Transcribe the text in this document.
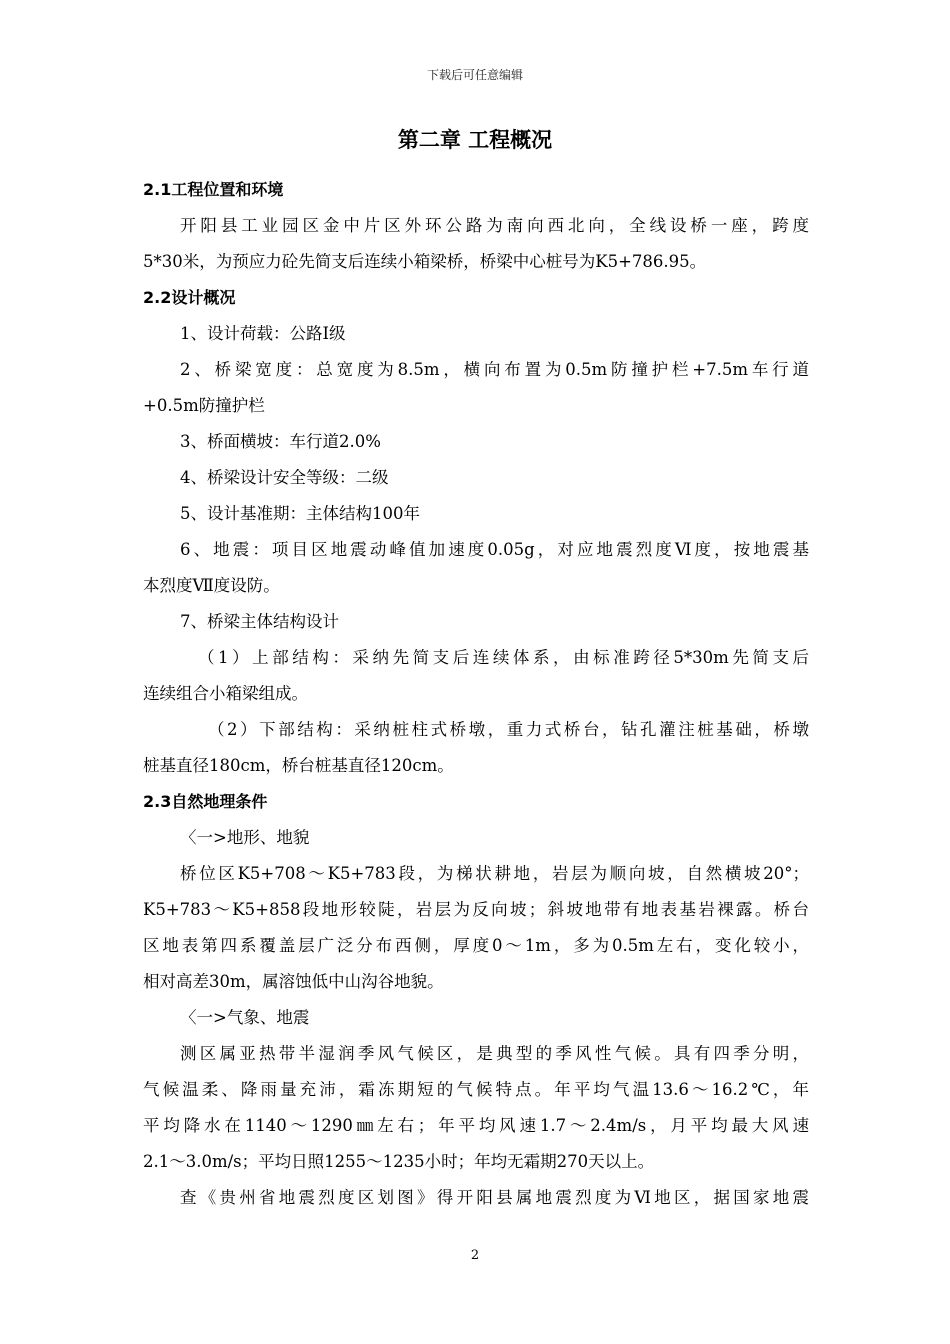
下载后可任意编辑
第二章 工程概况
2.1工程位置和环境
开阳县工业园区金中片区外环公路为南向西北向，全线设桥一座，跨度
5*30米，为预应力砼先简支后连续小箱梁桥，桥梁中心桩号为K5+786.95。
2.2设计概况
1、设计荷载：公路Ⅰ级
2、桥梁宽度：总宽度为8.5m，横向布置为0.5m防撞护栏+7.5m车行道
+0.5m防撞护栏
3、桥面横坡：车行道2.0%
4、桥梁设计安全等级：二级
5、设计基准期：主体结构100年
6、地震：项目区地震动峰值加速度0.05g，对应地震烈度Ⅵ度，按地震基
本烈度Ⅶ度设防。
7、桥梁主体结构设计
（1）上部结构：采纳先简支后连续体系，由标准跨径5*30m先简支后
连续组合小箱梁组成。
（2）下部结构：采纳桩柱式桥墩，重力式桥台，钻孔灌注桩基础，桥墩
桩基直径180cm，桥台桩基直径120cm。
2.3自然地理条件
〈一>地形、地貌
桥位区K5+708～K5+783段，为梯状耕地，岩层为顺向坡，自然横坡20°；
K5+783～K5+858段地形较陡，岩层为反向坡；斜坡地带有地表基岩裸露。桥台
区地表第四系覆盖层广泛分布西侧，厚度0～1m，多为0.5m左右，变化较小，
相对高差30m，属溶蚀低中山沟谷地貌。
〈一>气象、地震
测区属亚热带半湿润季风气候区，是典型的季风性气候。具有四季分明，
气候温柔、降雨量充沛，霜冻期短的气候特点。年平均气温13.6～16.2℃，年
平均降水在1140～1290㎜左右；年平均风速1.7～2.4m/s，月平均最大风速
2.1～3.0m/s；平均日照1255～1235小时；年均无霜期270天以上。
查《贵州省地震烈度区划图》得开阳县属地震烈度为Ⅵ地区，据国家地震
2
